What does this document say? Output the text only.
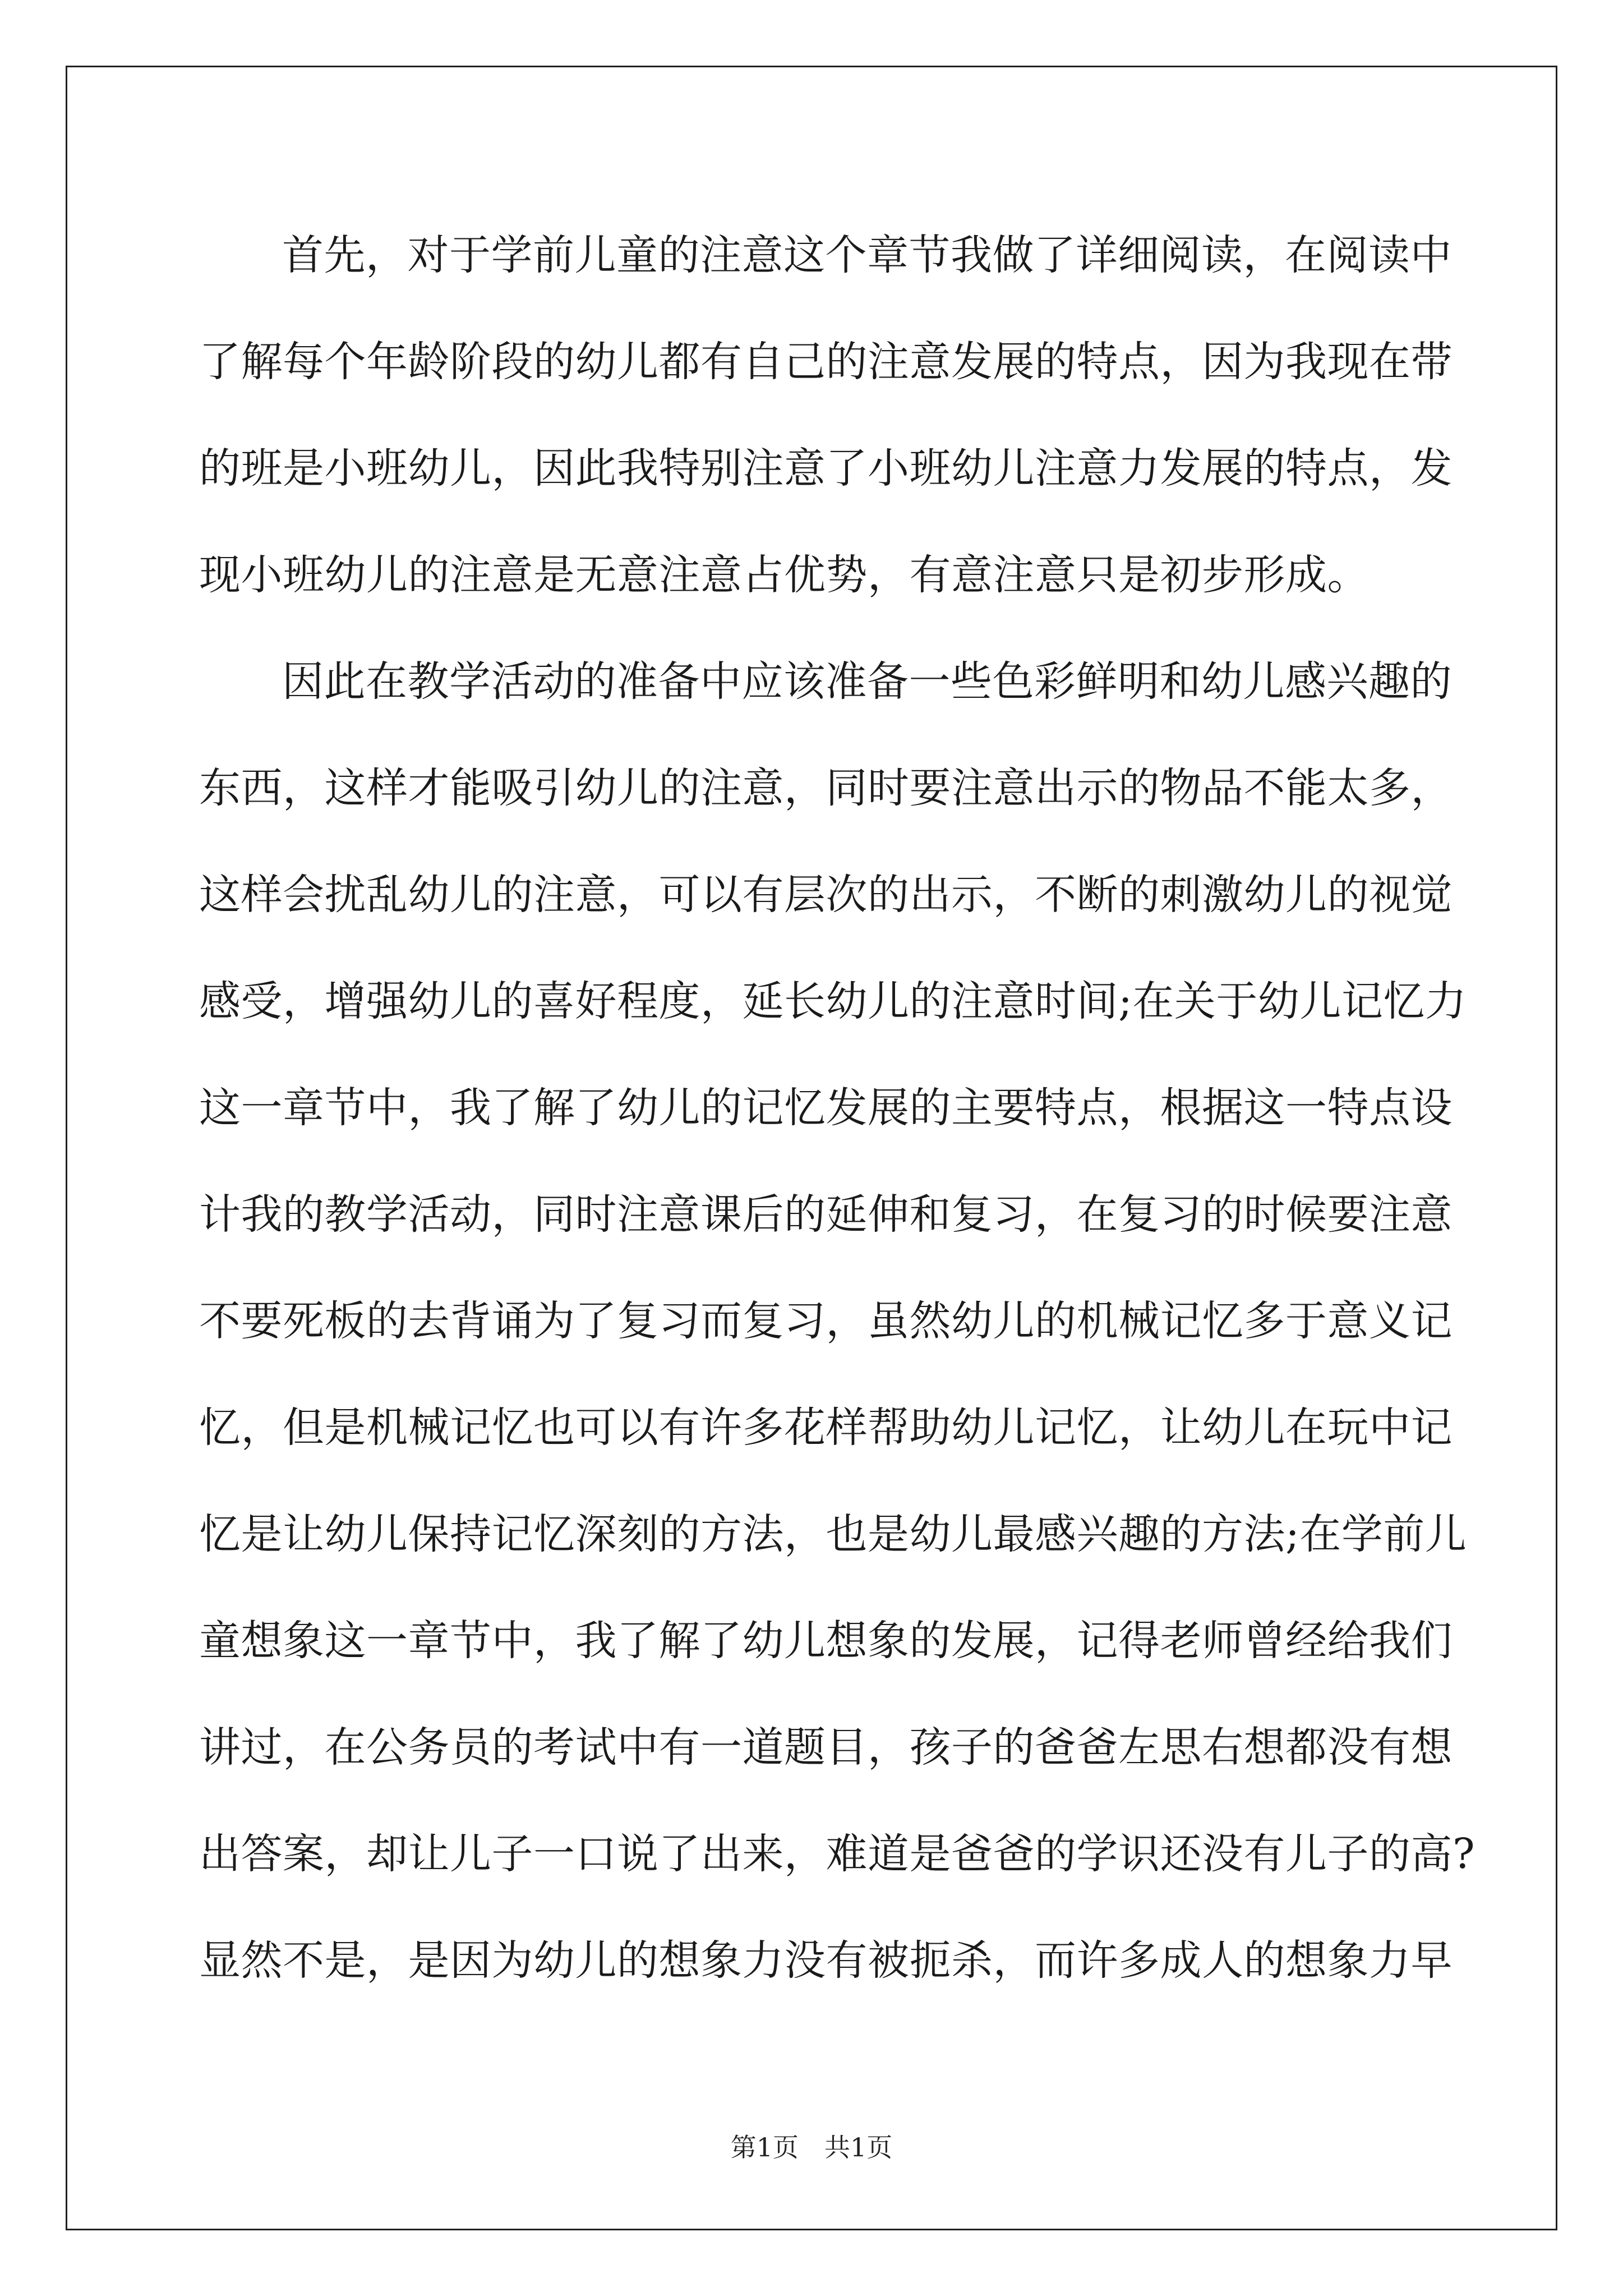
首先，对于学前儿童的注意这个章节我做了详细阅读，在阅读中
了解每个年龄阶段的幼儿都有自己的注意发展的特点，因为我现在带
的班是小班幼儿，因此我特别注意了小班幼儿注意力发展的特点，发
现小班幼儿的注意是无意注意占优势，有意注意只是初步形成。
因此在教学活动的准备中应该准备一些色彩鲜明和幼儿感兴趣的
东西，这样才能吸引幼儿的注意，同时要注意出示的物品不能太多，
这样会扰乱幼儿的注意，可以有层次的出示，不断的刺激幼儿的视觉
感受，增强幼儿的喜好程度，延长幼儿的注意时间;在关于幼儿记忆力
这一章节中，我了解了幼儿的记忆发展的主要特点，根据这一特点设
计我的教学活动，同时注意课后的延伸和复习，在复习的时候要注意
不要死板的去背诵为了复习而复习，虽然幼儿的机械记忆多于意义记
忆，但是机械记忆也可以有许多花样帮助幼儿记忆，让幼儿在玩中记
忆是让幼儿保持记忆深刻的方法，也是幼儿最感兴趣的方法;在学前儿
童想象这一章节中，我了解了幼儿想象的发展，记得老师曾经给我们
讲过，在公务员的考试中有一道题目，孩子的爸爸左思右想都没有想
出答案，却让儿子一口说了出来，难道是爸爸的学识还没有儿子的高?
显然不是，是因为幼儿的想象力没有被扼杀，而许多成人的想象力早
第1页　共1页
